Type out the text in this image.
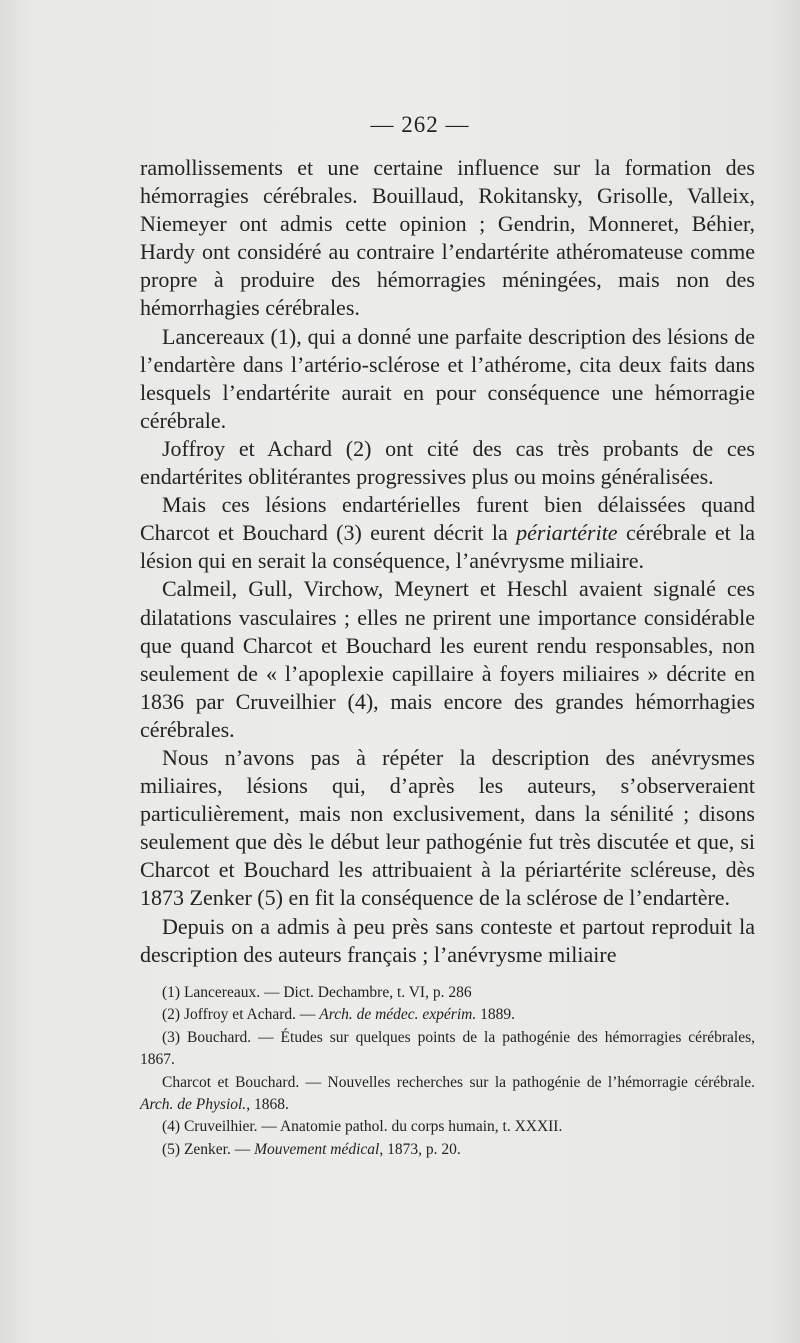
— 262 —

ramollissements et une certaine influence sur la formation des hémorragies cérébrales. Bouillaud, Rokitansky, Grisolle, Valleix, Niemeyer ont admis cette opinion ; Gendrin, Monneret, Béhier, Hardy ont considéré au contraire l’endartérite athéromateuse comme propre à produire des hémorragies méningées, mais non des hémorrhagies cérébrales.

Lancereaux (1), qui a donné une parfaite description des lésions de l’endartère dans l’artério-sclérose et l’athérome, cita deux faits dans lesquels l’endartérite aurait en pour conséquence une hémorragie cérébrale.

Joffroy et Achard (2) ont cité des cas très probants de ces endartérites oblitérantes progressives plus ou moins généralisées.

Mais ces lésions endartérielles furent bien délaissées quand Charcot et Bouchard (3) eurent décrit la périartérite cérébrale et la lésion qui en serait la conséquence, l’anévrysme miliaire.

Calmeil, Gull, Virchow, Meynert et Heschl avaient signalé ces dilatations vasculaires ; elles ne prirent une importance considérable que quand Charcot et Bouchard les eurent rendu responsables, non seulement de « l’apoplexie capillaire à foyers miliaires » décrite en 1836 par Cruveilhier (4), mais encore des grandes hémorrhagies cérébrales.

Nous n’avons pas à répéter la description des anévrysmes miliaires, lésions qui, d’après les auteurs, s’observeraient particulièrement, mais non exclusivement, dans la sénilité ; disons seulement que dès le début leur pathogénie fut très discutée et que, si Charcot et Bouchard les attribuaient à la périartérite scléreuse, dès 1873 Zenker (5) en fit la conséquence de la sclérose de l’endartère.

Depuis on a admis à peu près sans conteste et partout reproduit la description des auteurs français ; l’anévrysme miliaire

(1) Lancereaux. — Dict. Dechambre, t. VI, p. 286

(2) Joffroy et Achard. — Arch. de médec. expérim. 1889.

(3) Bouchard. — Études sur quelques points de la pathogénie des hémorragies cérébrales, 1867.

Charcot et Bouchard. — Nouvelles recherches sur la pathogénie de l’hémorragie cérébrale. Arch. de Physiol., 1868.

(4) Cruveilhier. — Anatomie pathol. du corps humain, t. XXXII.

(5) Zenker. — Mouvement médical, 1873, p. 20.
